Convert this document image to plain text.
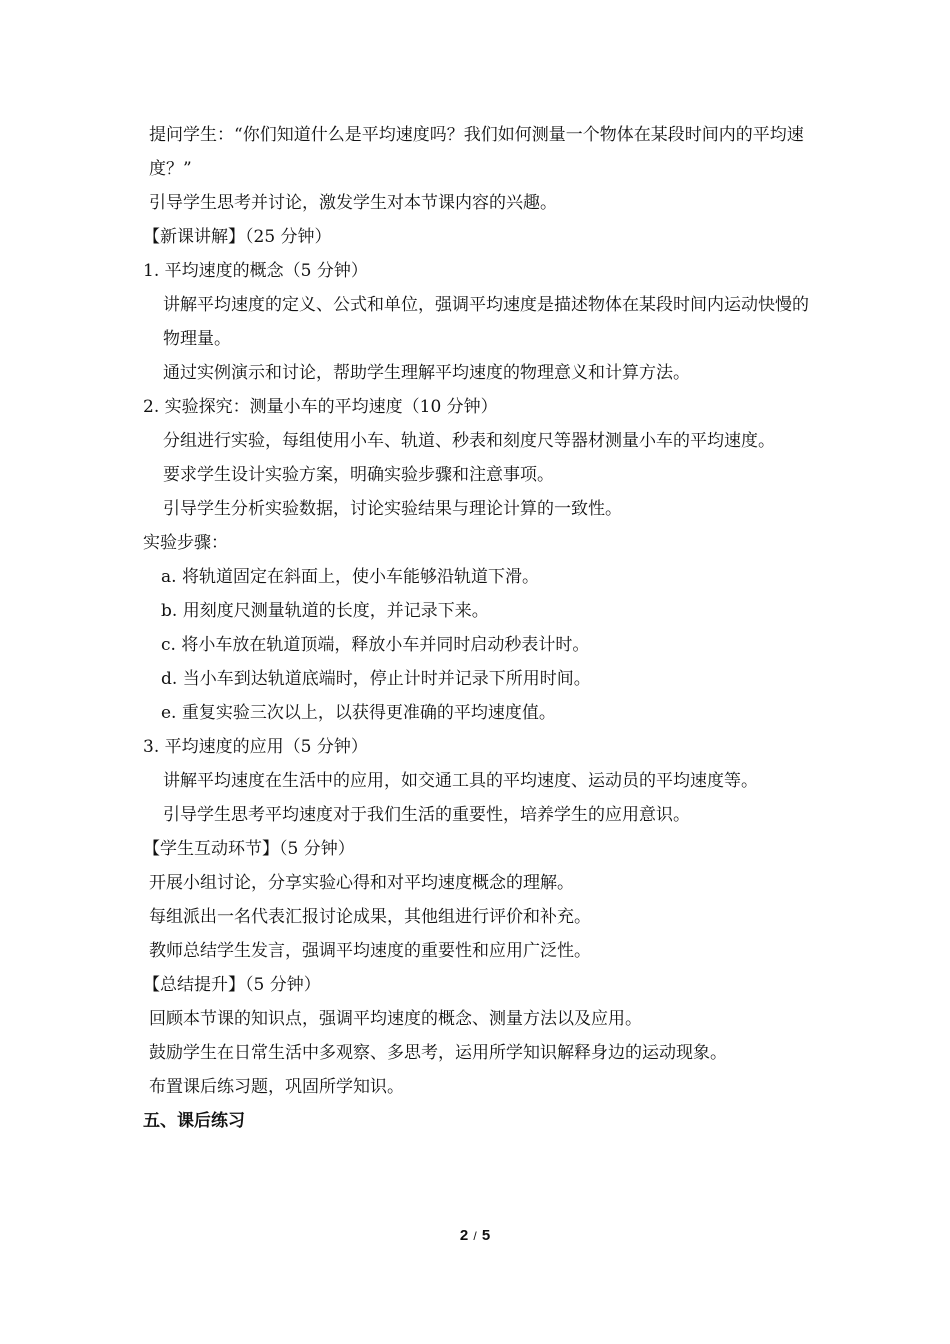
提问学生：“你们知道什么是平均速度吗？我们如何测量一个物体在某段时间内的平均速度？”
引导学生思考并讨论，激发学生对本节课内容的兴趣。
【新课讲解】（25 分钟）
1. 平均速度的概念（5 分钟）
讲解平均速度的定义、公式和单位，强调平均速度是描述物体在某段时间内运动快慢的物理量。
通过实例演示和讨论，帮助学生理解平均速度的物理意义和计算方法。
2. 实验探究：测量小车的平均速度（10 分钟）
分组进行实验，每组使用小车、轨道、秒表和刻度尺等器材测量小车的平均速度。
要求学生设计实验方案，明确实验步骤和注意事项。
引导学生分析实验数据，讨论实验结果与理论计算的一致性。
实验步骤：
a. 将轨道固定在斜面上，使小车能够沿轨道下滑。
b. 用刻度尺测量轨道的长度，并记录下来。
c. 将小车放在轨道顶端，释放小车并同时启动秒表计时。
d. 当小车到达轨道底端时，停止计时并记录下所用时间。
e. 重复实验三次以上，以获得更准确的平均速度值。
3. 平均速度的应用（5 分钟）
讲解平均速度在生活中的应用，如交通工具的平均速度、运动员的平均速度等。
引导学生思考平均速度对于我们生活的重要性，培养学生的应用意识。
【学生互动环节】（5 分钟）
开展小组讨论，分享实验心得和对平均速度概念的理解。
每组派出一名代表汇报讨论成果，其他组进行评价和补充。
教师总结学生发言，强调平均速度的重要性和应用广泛性。
【总结提升】（5 分钟）
回顾本节课的知识点，强调平均速度的概念、测量方法以及应用。
鼓励学生在日常生活中多观察、多思考，运用所学知识解释身边的运动现象。
布置课后练习题，巩固所学知识。
五、课后练习
2 / 5
